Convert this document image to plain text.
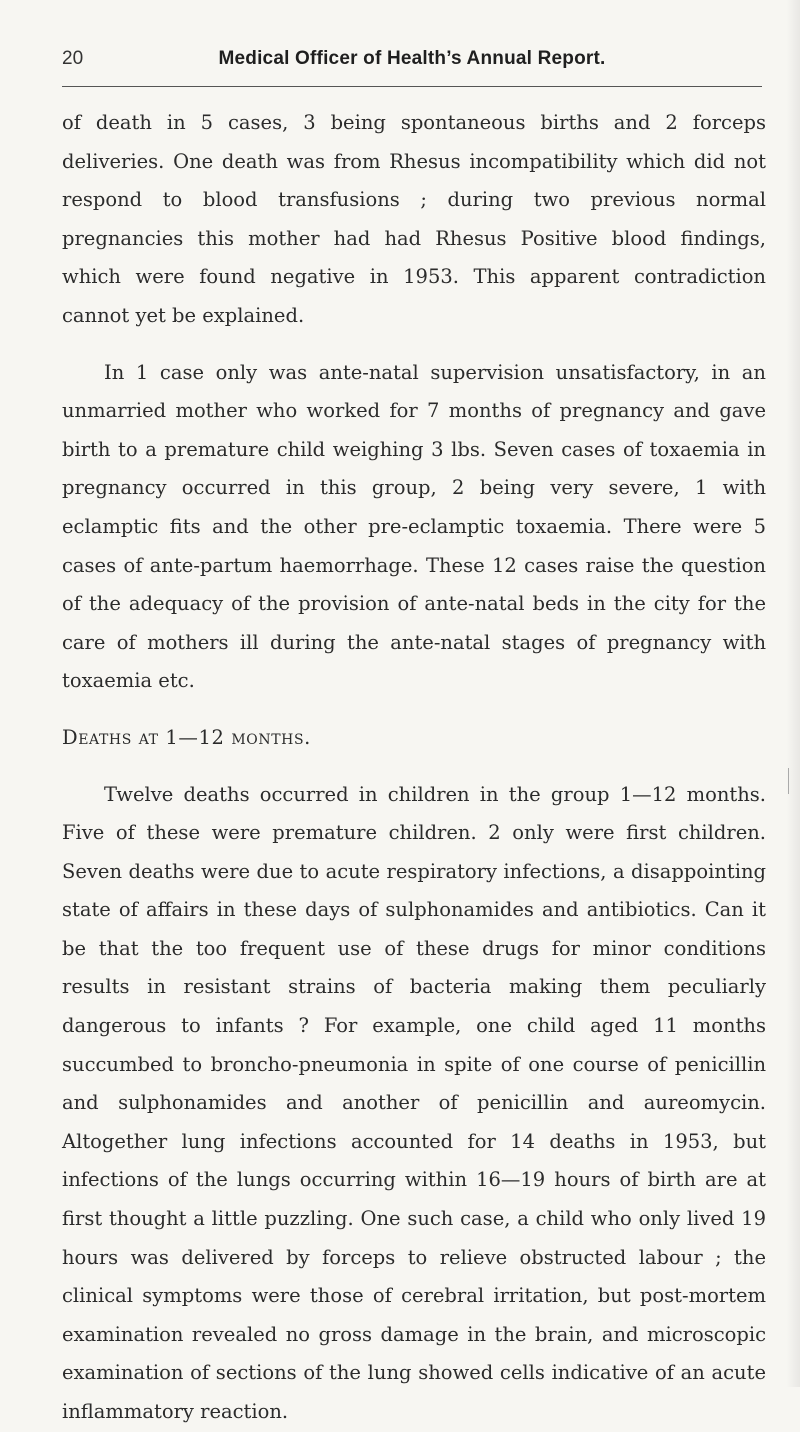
20	Medical Officer of Health’s Annual Report.

of death in 5 cases, 3 being spontaneous births and 2 forceps deliveries. One death was from Rhesus incompatibility which did not respond to blood transfusions ; during two previous normal pregnancies this mother had had Rhesus Positive blood findings, which were found negative in 1953. This apparent contradiction cannot yet be explained.

In 1 case only was ante-natal supervision unsatisfactory, in an unmarried mother who worked for 7 months of pregnancy and gave birth to a premature child weighing 3 lbs. Seven cases of toxaemia in pregnancy occurred in this group, 2 being very severe, 1 with eclamptic fits and the other pre-eclamptic toxaemia. There were 5 cases of ante-partum haemorrhage. These 12 cases raise the question of the adequacy of the provision of ante-natal beds in the city for the care of mothers ill during the ante-natal stages of pregnancy with toxaemia etc.

Deaths at 1—12 months.

Twelve deaths occurred in children in the group 1—12 months. Five of these were premature children. 2 only were first children. Seven deaths were due to acute respiratory infections, a disappointing state of affairs in these days of sulphonamides and antibiotics. Can it be that the too frequent use of these drugs for minor conditions results in resistant strains of bacteria making them peculiarly dangerous to infants ? For example, one child aged 11 months succumbed to broncho-pneumonia in spite of one course of penicillin and sulphonamides and another of penicillin and aureomycin. Altogether lung infections accounted for 14 deaths in 1953, but infections of the lungs occurring within 16—19 hours of birth are at first thought a little puzzling. One such case, a child who only lived 19 hours was delivered by forceps to relieve obstructed labour ; the clinical symptoms were those of cerebral irritation, but post-mortem examination revealed no gross damage in the brain, and microscopic examination of sections of the lung showed cells indicative of an acute inflammatory reaction.
